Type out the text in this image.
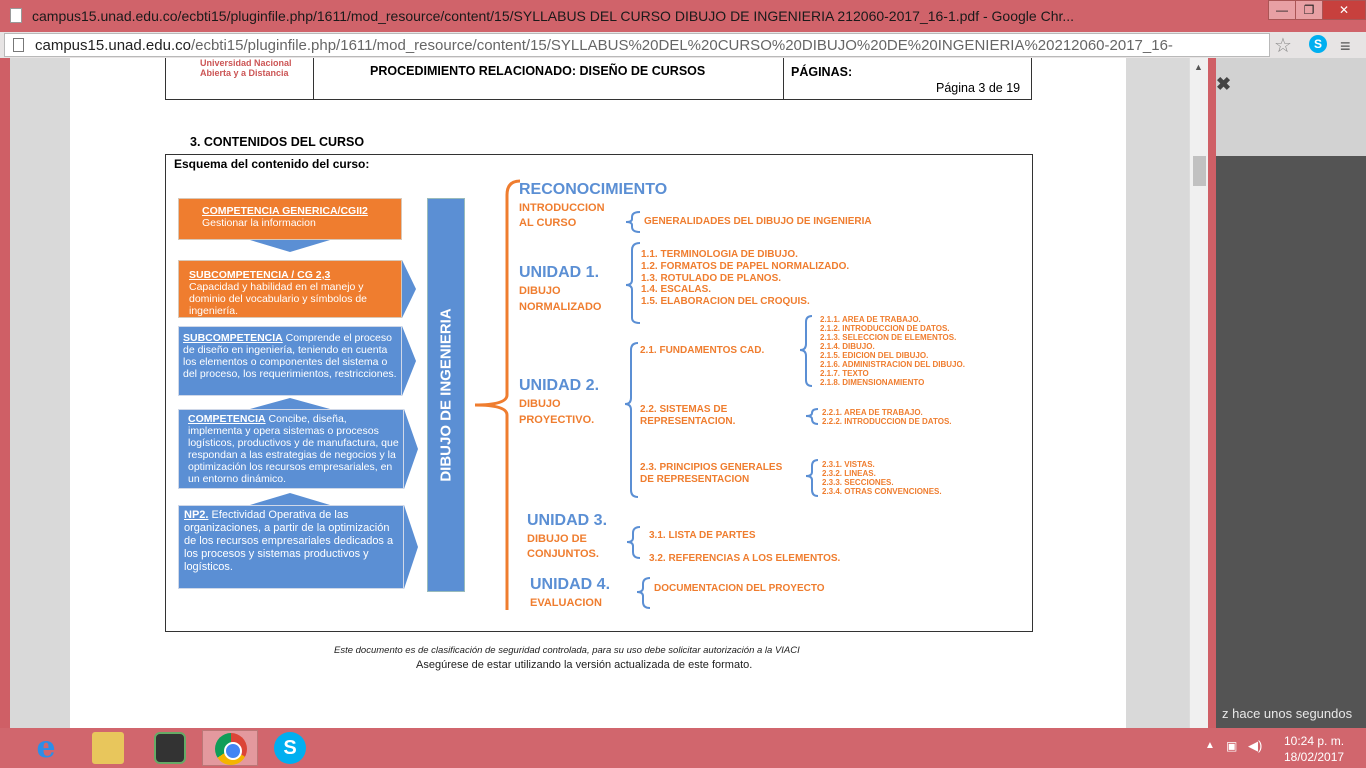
campus15.unad.edu.co/ecbti15/pluginfile.php/1611/mod_resource/content/15/SYLLABUS DEL CURSO DIBUJO DE INGENIERIA 212060-2017_16-1.pdf - Google Chr...	—	❐	✕
campus15.unad.edu.co/ecbti15/pluginfile.php/1611/mod_resource/content/15/SYLLABUS%20DEL%20CURSO%20DIBUJO%20DE%20INGENIERIA%20212060-2017_16-	☆	S ≡
▲
✖
z hace unos segundos
Universidad Nacional
Abierta y a Distancia	PROCEDIMIENTO RELACIONADO: DISEÑO DE CURSOS	PÁGINAS:
Página 3 de 19
3. CONTENIDOS DEL CURSO
Esquema del contenido del curso:
COMPETENCIA GENERICA/CGII2
Gestionar la informacion
SUBCOMPETENCIA / CG 2,3
Capacidad y habilidad en el manejo y dominio del vocabulario y símbolos de ingeniería.
SUBCOMPETENCIA Comprende el proceso de diseño en ingeniería, teniendo en cuenta los elementos o componentes del sistema o del proceso, los requerimientos, restricciones.
COMPETENCIA Concibe, diseña, implementa y opera sistemas o procesos logísticos, productivos y de manufactura, que respondan a las estrategias de negocios y la optimización los recursos empresariales, en un entorno dinámico.
NP2. Efectividad Operativa de las organizaciones, a partir de la optimización de los recursos empresariales dedicados a los procesos y sistemas productivos y logísticos.
DIBUJO DE INGENIERIA
RECONOCIMIENTO
INTRODUCCION
AL CURSO	GENERALIDADES DEL DIBUJO DE INGENIERIA
UNIDAD 1.
DIBUJO
NORMALIZADO
1.1. TERMINOLOGIA DE DIBUJO.
1.2. FORMATOS DE PAPEL NORMALIZADO.
1.3. ROTULADO DE PLANOS.
1.4. ESCALAS.
1.5. ELABORACION DEL CROQUIS.
UNIDAD 2.
DIBUJO
PROYECTIVO.
2.1. FUNDAMENTOS CAD.
2.1.1. AREA DE TRABAJO.
2.1.2. INTRODUCCION DE DATOS.
2.1.3. SELECCION DE ELEMENTOS.
2.1.4. DIBUJO.
2.1.5. EDICION DEL DIBUJO.
2.1.6. ADMINISTRACION DEL DIBUJO.
2.1.7. TEXTO
2.1.8. DIMENSIONAMIENTO
2.2. SISTEMAS DE
REPRESENTACION.
2.2.1. AREA DE TRABAJO.
2.2.2. INTRODUCCION DE DATOS.
2.3. PRINCIPIOS GENERALES
DE REPRESENTACION
2.3.1. VISTAS.
2.3.2. LINEAS.
2.3.3. SECCIONES.
2.3.4. OTRAS CONVENCIONES.
UNIDAD 3.
DIBUJO DE
CONJUNTOS.
3.1. LISTA DE PARTES
3.2. REFERENCIAS A LOS ELEMENTOS.
UNIDAD 4.
EVALUACION
DOCUMENTACION DEL PROYECTO
Este documento es de clasificación de seguridad controlada, para su uso debe solicitar autorización a la VIACI
Asegúrese de estar utilizando la versión actualizada de este formato.
e	S	▲ ▣ ◀) 10:24 p. m.
18/02/2017
